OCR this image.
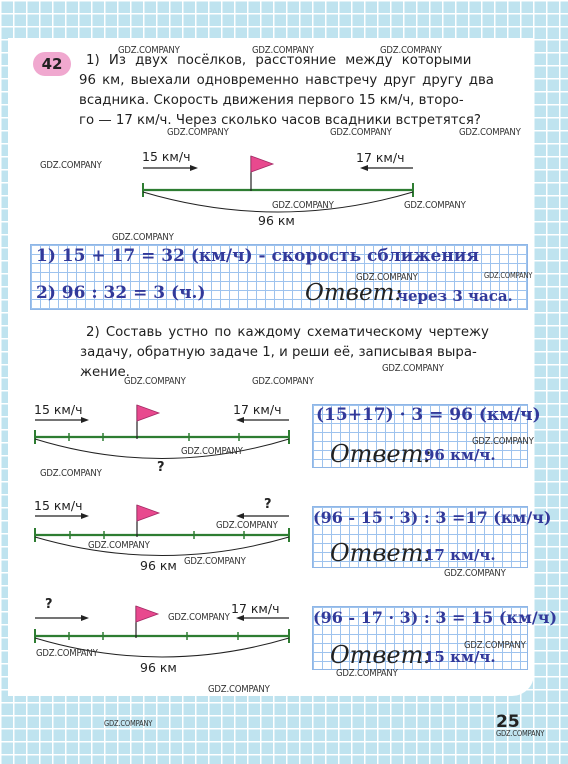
42	1) Из двух посёлков, расстояние между которыми
96 км, выехали одновременно навстречу друг другу два
всадника. Скорость движения первого 15 км/ч, второ-
го — 17 км/ч. Через сколько часов всадники встретятся?
15 км/ч	17 км/ч
96 км
1) 15 + 17 = 32 (км/ч) - скорость сближения
2) 96 : 32 = 3 (ч.)	Ответ:
через 3 часа.
2) Составь устно по каждому схематическому чертежу
задачу, обратную задаче 1, и реши её, записывая выра-
жение.
15 км/ч	17 км/ч
?
(15+17) · 3 = 96 (км/ч)
Ответ:
96 км/ч.
15 км/ч	?
96 км
(96 - 15 · 3) : 3 =17 (км/ч)
Ответ:
17 км/ч.
?	17 км/ч
96 км
(96 - 17 · 3) : 3 = 15 (км/ч)
Ответ:
15 км/ч.
25
GDZ.COMPANY	GDZ.COMPANY	GDZ.COMPANY
GDZ.COMPANY	GDZ.COMPANY	GDZ.COMPANY
GDZ.COMPANY
GDZ.COMPANY	GDZ.COMPANY
GDZ.COMPANY
GDZ.COMPANY	GDZ.COMPANY
GDZ.COMPANY
GDZ.COMPANY	GDZ.COMPANY
GDZ.COMPANY
GDZ.COMPANY
GDZ.COMPANY
GDZ.COMPANY
GDZ.COMPANY
GDZ.COMPANY
GDZ.COMPANY
GDZ.COMPANY
GDZ.COMPANY
GDZ.COMPANY
GDZ.COMPANY
GDZ.COMPANY
GDZ.COMPANY
GDZ.COMPANY
